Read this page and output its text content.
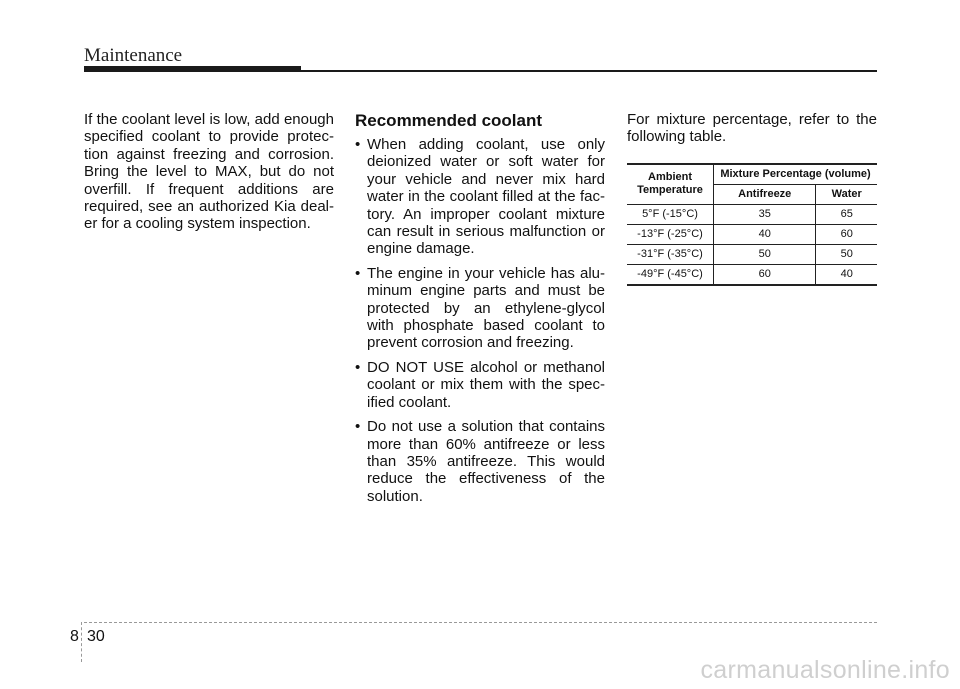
Maintenance

If the coolant level is low, add enough specified coolant to provide protec-tion against freezing and corrosion. Bring the level to MAX, but do not overfill. If frequent additions are required, see an authorized Kia deal-er for a cooling system inspection.

Recommended coolant
• When adding coolant, use only deionized water or soft water for your vehicle and never mix hard water in the coolant filled at the fac-tory. An improper coolant mixture can result in serious malfunction or engine damage.
• The engine in your vehicle has alu-minum engine parts and must be protected by an ethylene-glycol with phosphate based coolant to prevent corrosion and freezing.
• DO NOT USE alcohol or methanol coolant or mix them with the spec-ified coolant.
• Do not use a solution that contains more than 60% antifreeze or less than 35% antifreeze. This would reduce the effectiveness of the solution.

For mixture percentage, refer to the following table.

Ambient Temperature	Mixture Percentage (volume)	
	Antifreeze	Water
5°F (-15°C)	35	65
-13°F (-25°C)	40	60
-31°F (-35°C)	50	50
-49°F (-45°C)	60	40
8 30
carmanualsonline.info
